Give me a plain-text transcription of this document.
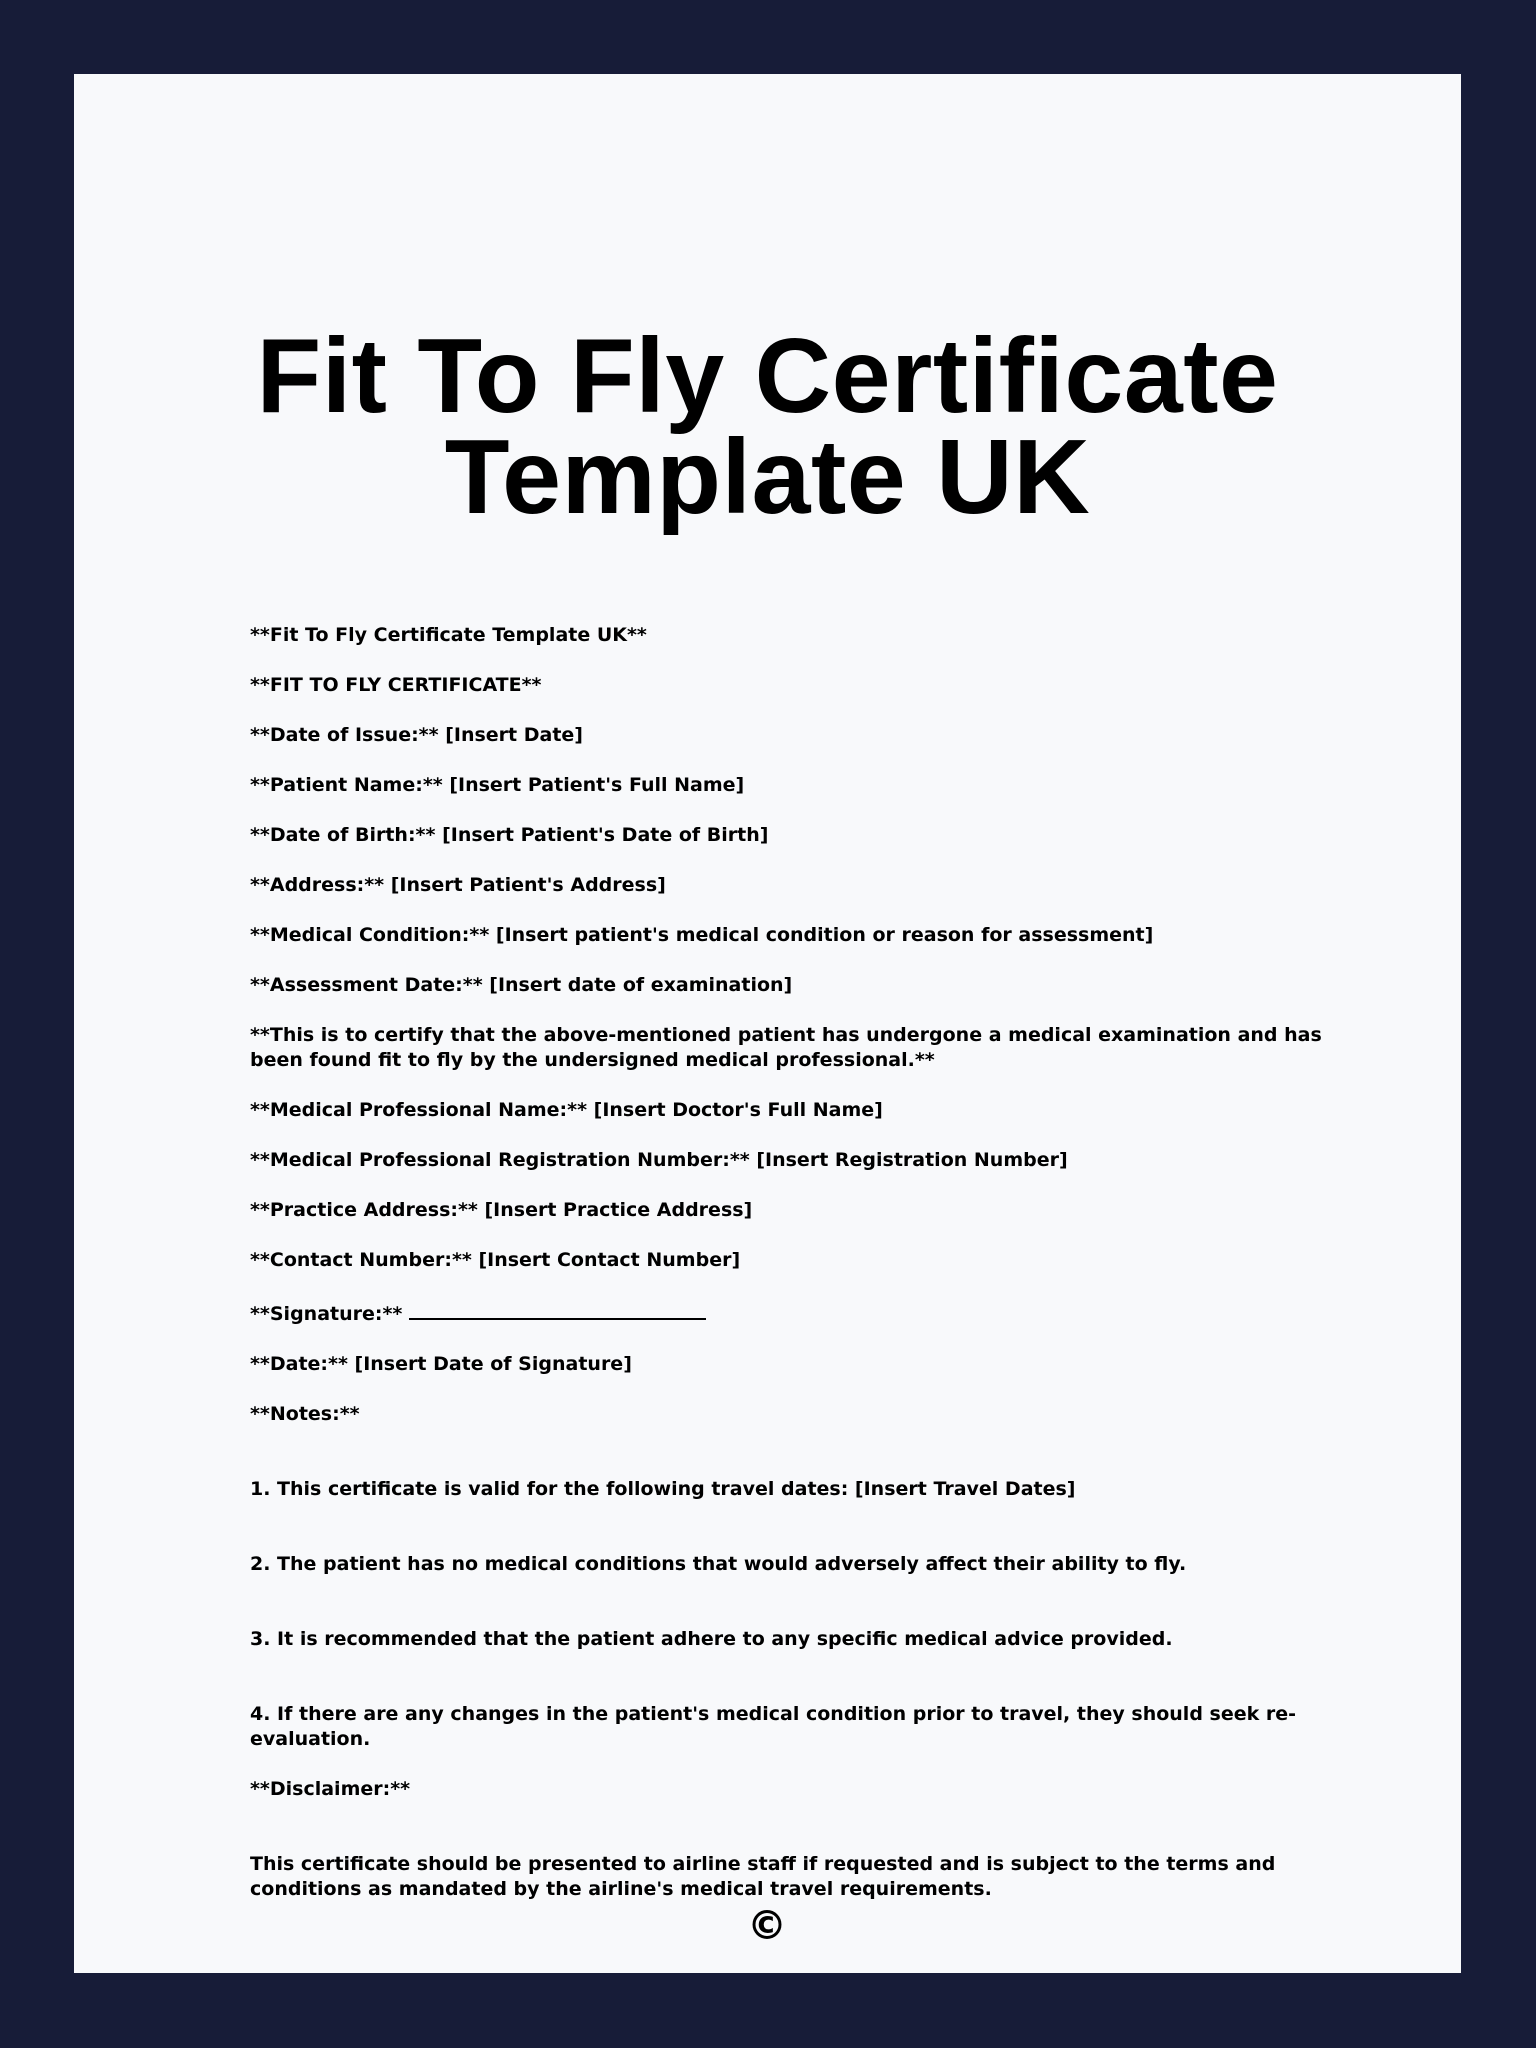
Fit To Fly Certificate Template UK

**Fit To Fly Certificate Template UK**

**FIT TO FLY CERTIFICATE**

**Date of Issue:** [Insert Date]

**Patient Name:** [Insert Patient's Full Name]

**Date of Birth:** [Insert Patient's Date of Birth]

**Address:** [Insert Patient's Address]

**Medical Condition:** [Insert patient's medical condition or reason for assessment]

**Assessment Date:** [Insert date of examination]

**This is to certify that the above-mentioned patient has undergone a medical examination and has been found fit to fly by the undersigned medical professional.**

**Medical Professional Name:** [Insert Doctor's Full Name]

**Medical Professional Registration Number:** [Insert Registration Number]

**Practice Address:** [Insert Practice Address]

**Contact Number:** [Insert Contact Number]

**Signature:**

**Date:** [Insert Date of Signature]

**Notes:**

1. This certificate is valid for the following travel dates: [Insert Travel Dates]

2. The patient has no medical conditions that would adversely affect their ability to fly.

3. It is recommended that the patient adhere to any specific medical advice provided.

4. If there are any changes in the patient's medical condition prior to travel, they should seek re-evaluation.

**Disclaimer:**

This certificate should be presented to airline staff if requested and is subject to the terms and conditions as mandated by the airline's medical travel requirements.

©
